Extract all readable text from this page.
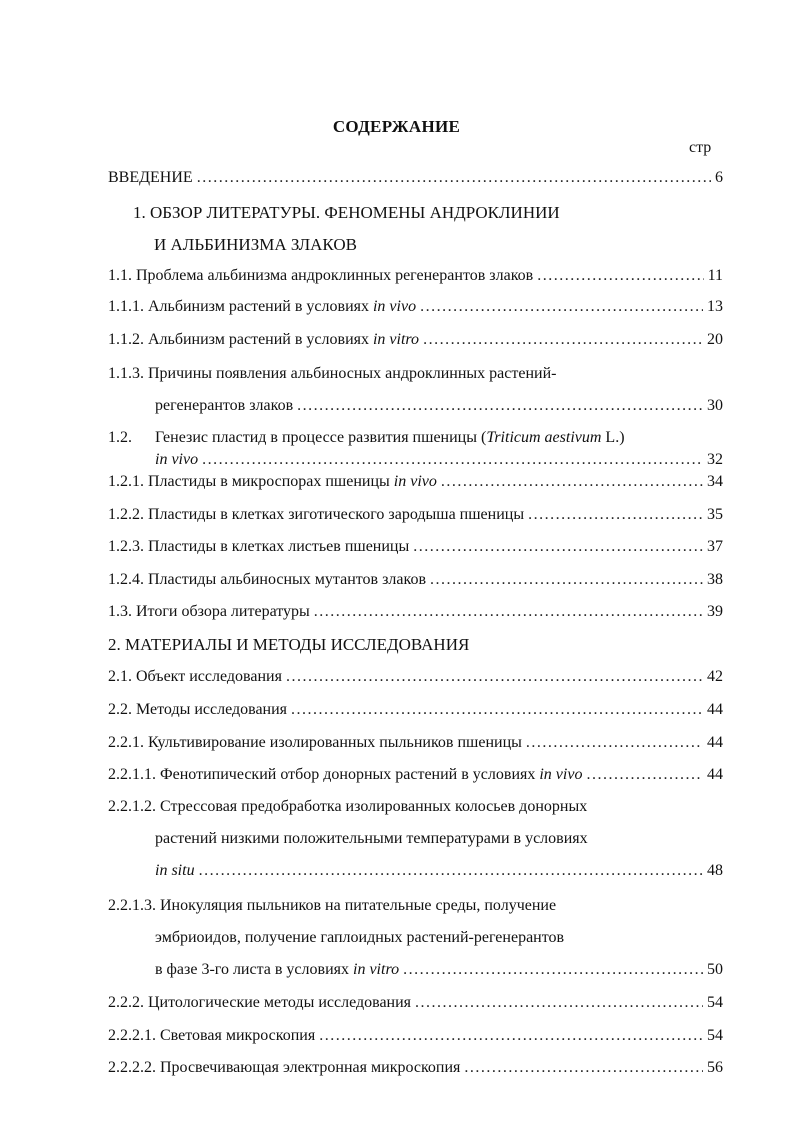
СОДЕРЖАНИЕ
стр
ВВЕДЕНИЕ .....	6
1. ОБЗОР ЛИТЕРАТУРЫ. ФЕНОМЕНЫ АНДРОКЛИНИИ
И АЛЬБИНИЗМА ЗЛАКОВ
1.1. Проблема альбинизма андроклинных регенерантов злаков .....	11
1.1.1. Альбинизм растений в условиях in vivo .....	13
1.1.2. Альбинизм растений в условиях in vitro .....	20
1.1.3. Причины появления альбиносных андроклинных растений-
регенерантов злаков .....	30
1.2. Генезис пластид в процессе развития пшеницы (Triticum aestivum L.)
in vivo .....	32
1.2.1. Пластиды в микроспорах пшеницы in vivo .....	34
1.2.2. Пластиды в клетках зиготического зародыша пшеницы .....	35
1.2.3. Пластиды в клетках листьев пшеницы .....	37
1.2.4. Пластиды альбиносных мутантов злаков .....	38
1.3. Итоги обзора литературы .....	39
2. МАТЕРИАЛЫ И МЕТОДЫ ИССЛЕДОВАНИЯ
2.1. Объект исследования .....	42
2.2. Методы исследования .....	44
2.2.1. Культивирование изолированных пыльников пшеницы .....	44
2.2.1.1. Фенотипический отбор донорных растений в условиях in vivo .....	44
2.2.1.2. Стрессовая предобработка изолированных колосьев донорных
растений низкими положительными температурами в условиях
in situ .....	48
2.2.1.3. Инокуляция пыльников на питательные среды, получение
эмбриоидов, получение гаплоидных растений-регенерантов
в фазе 3-го листа в условиях in vitro .....	50
2.2.2. Цитологические методы исследования .....	54
2.2.2.1. Световая микроскопия .....	54
2.2.2.2. Просвечивающая электронная микроскопия .....	56
